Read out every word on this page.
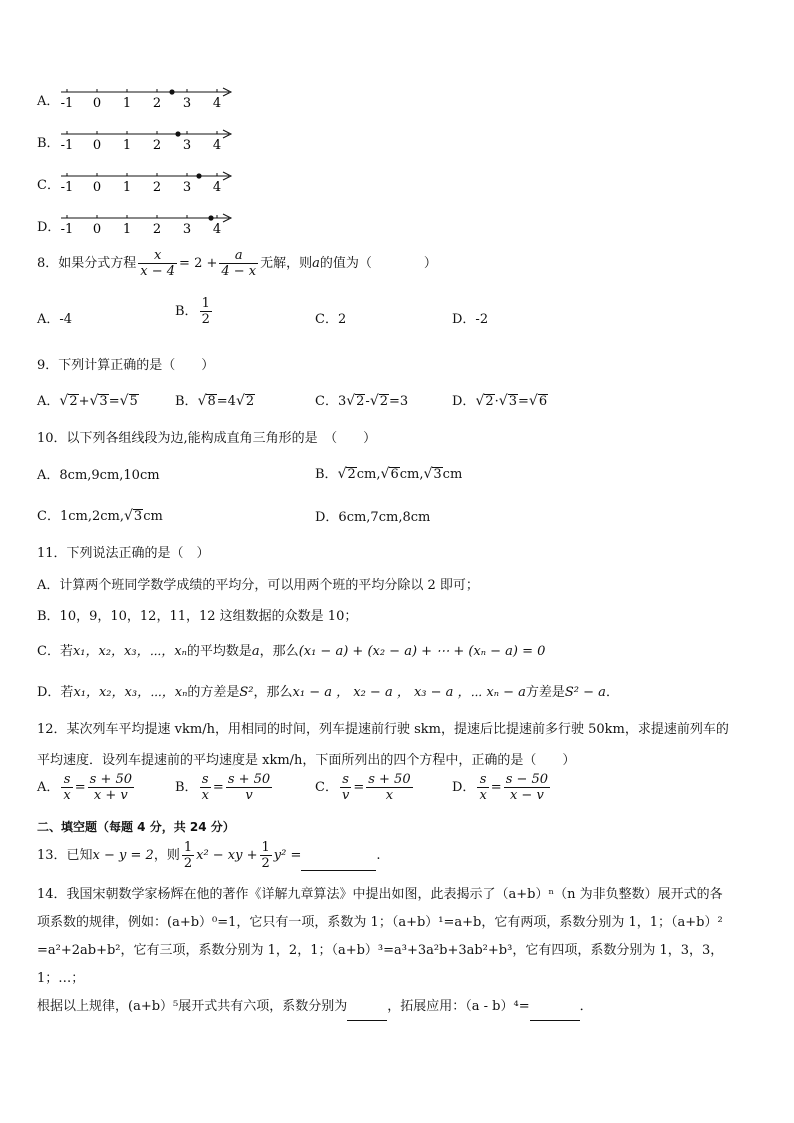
A． -1 0 1 2 3 4
B． -1 0 1 2 3 4
C． -1 0 1 2 3 4
D． -1 0 1 2 3 4
8．如果分式方程 $\frac{x}{x - 4} = 2 + \frac{a}{4 - x}$ 无解，则a的值为（　　　　）
A．-4
B． $\frac{1}{2}$	C．2	D．-2
9．下列计算正确的是（　　）
A．√2+√3=√5	B．√8=4√2	C．3√2-√2=3	D．√2·√3=√6
10．以下列各组线段为边,能构成直角三角形的是　（　　）
A．8cm,9cm,10cm	B．√2cm,√6cm,√3cm
C．1cm,2cm,√3cm	D．6cm,7cm,8cm
11．下列说法正确的是（　）
A．计算两个班同学数学成绩的平均分，可以用两个班的平均分除以 2 即可；
B．10，9，10，12，11，12 这组数据的众数是 10；
C．若x₁，x₂，x₃，⋯，xₙ的平均数是a，那么(x₁ − a) + (x₂ − a) + ⋯ + (xₙ − a) = 0
D．若x₁，x₂，x₃，⋯，xₙ的方差是S²，那么x₁ − a ， x₂ − a ， x₃ − a ，⋯ xₙ − a方差是S² − a．
12．某次列车平均提速 vkm/h，用相同的时间，列车提速前行驶 skm，提速后比提速前多行驶 50km，求提速前列车的
平均速度．设列车提速前的平均速度是 xkm/h，下面所列出的四个方程中，正确的是（　　）
A． $\frac{s}{x} = \frac{s + 50}{x + v}$	B． $\frac{s}{x} = \frac{s + 50}{v}$	C． $\frac{s}{v} = \frac{s + 50}{x}$	D． $\frac{s}{x} = \frac{s - 50}{x - v}$
二、填空题（每题 4 分，共 24 分）
13．已知x − y = 2，则 $\frac{1}{2} x^2$ − xy + $\frac{1}{2} y^2$ =	.
14．我国宋朝数学家杨辉在他的著作《详解九章算法》中提出如图，此表揭示了（a+b）ⁿ（n 为非负整数）展开式的各
项系数的规律，例如：(a+b）⁰=1，它只有一项，系数为 1；（a+b）¹=a+b，它有两项，系数分别为 1，1；（a+b）²
=a²+2ab+b²，它有三项，系数分别为 1，2，1；（a+b）³=a³+3a²b+3ab²+b³，它有四项，系数分别为 1，3，3，1；…；
根据以上规律，(a+b）⁵展开式共有六项，系数分别为	，拓展应用：（a - b）⁴=	．
